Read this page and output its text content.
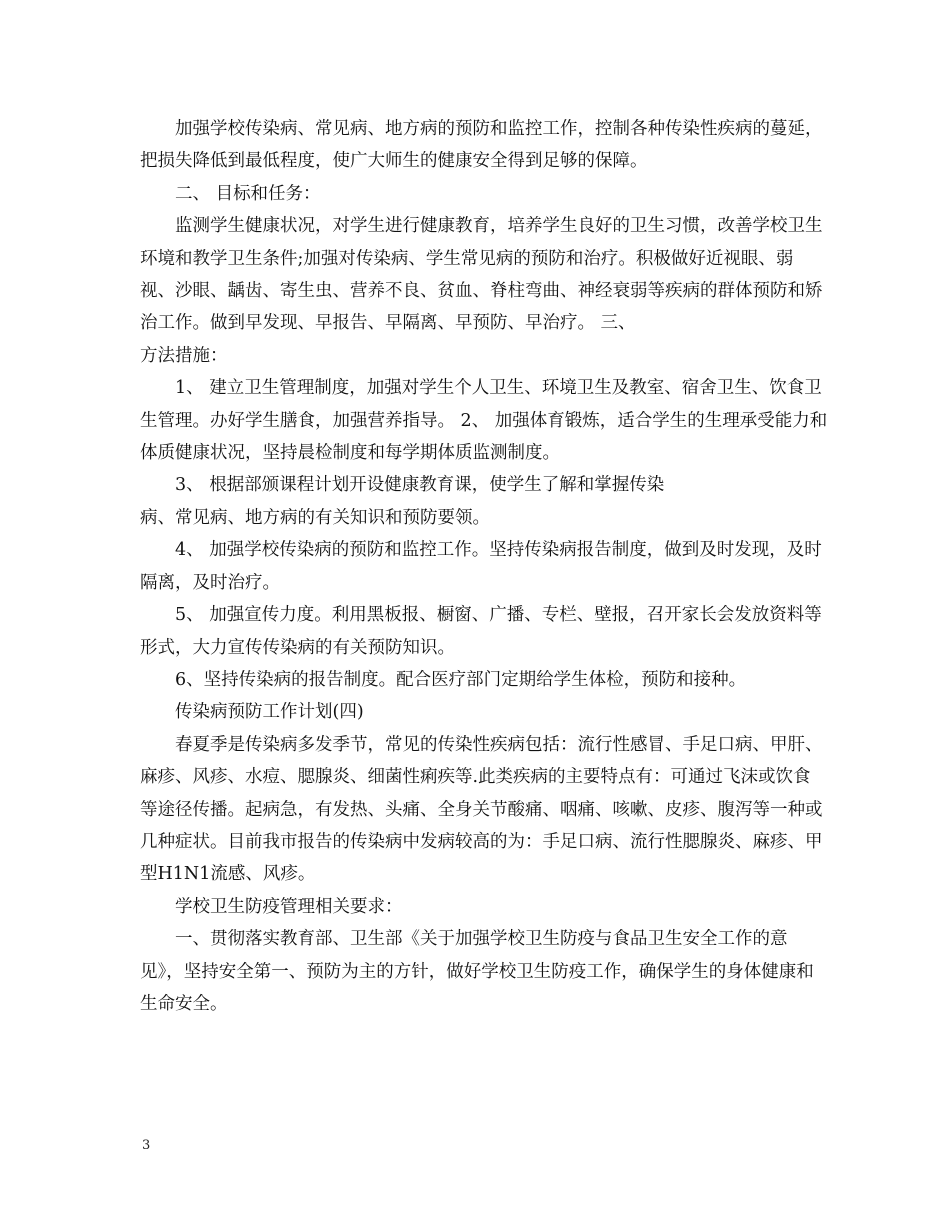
加强学校传染病、常见病、地方病的预防和监控工作，控制各种传染性疾病的蔓延，把损失降低到最低程度，使广大师生的健康安全得到足够的保障。

二、 目标和任务：

监测学生健康状况，对学生进行健康教育，培养学生良好的卫生习惯，改善学校卫生环境和教学卫生条件;加强对传染病、学生常见病的预防和治疗。积极做好近视眼、弱视、沙眼、龋齿、寄生虫、营养不良、贫血、脊柱弯曲、神经衰弱等疾病的群体预防和矫治工作。做到早发现、早报告、早隔离、早预防、早治疗。 三、

方法措施：

1、 建立卫生管理制度，加强对学生个人卫生、环境卫生及教室、宿舍卫生、饮食卫生管理。办好学生膳食，加强营养指导。 2、 加强体育锻炼，适合学生的生理承受能力和体质健康状况，坚持晨检制度和每学期体质监测制度。

3、 根据部颁课程计划开设健康教育课，使学生了解和掌握传染

病、常见病、地方病的有关知识和预防要领。

4、 加强学校传染病的预防和监控工作。坚持传染病报告制度，做到及时发现，及时隔离，及时治疗。

5、 加强宣传力度。利用黑板报、橱窗、广播、专栏、壁报，召开家长会发放资料等形式，大力宣传传染病的有关预防知识。

6、坚持传染病的报告制度。配合医疗部门定期给学生体检，预防和接种。

传染病预防工作计划(四)

春夏季是传染病多发季节，常见的传染性疾病包括：流行性感冒、手足口病、甲肝、麻疹、风疹、水痘、腮腺炎、细菌性痢疾等.此类疾病的主要特点有：可通过飞沫或饮食等途径传播。起病急，有发热、头痛、全身关节酸痛、咽痛、咳嗽、皮疹、腹泻等一种或几种症状。目前我市报告的传染病中发病较高的为：手足口病、流行性腮腺炎、麻疹、甲型H1N1流感、风疹。

学校卫生防疫管理相关要求：

一、贯彻落实教育部、卫生部《关于加强学校卫生防疫与食品卫生安全工作的意见》，坚持安全第一、预防为主的方针，做好学校卫生防疫工作，确保学生的身体健康和生命安全。

3
